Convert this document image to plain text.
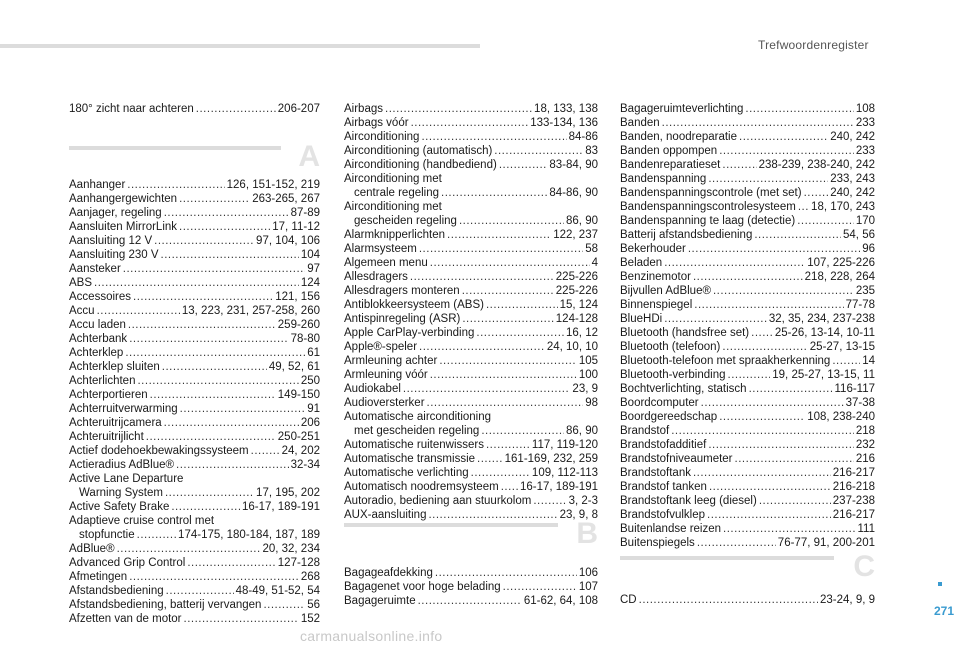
Trefwoordenregister
180° zicht naar achteren .....	206-207
A
Aanhanger .....	126, 151-152, 219
Aanhangergewichten .....	263-265, 267
Aanjager, regeling .....	87-89
Aansluiten MirrorLink .....	17, 11-12
Aansluiting 12 V .....	97, 104, 106
Aansluiting 230 V .....	104
Aansteker .....	97
ABS .....	124
Accessoires .....	121, 156
Accu .....	13, 223, 231, 257-258, 260
Accu laden .....	259-260
Achterbank .....	78-80
Achterklep .....	61
Achterklep sluiten .....	49, 52, 61
Achterlichten .....	250
Achterportieren .....	149-150
Achterruitverwarming .....	91
Achteruitrijcamera .....	206
Achteruitrijlicht .....	250-251
Actief dodehoekbewakingssysteem .....	24, 202
Actieradius AdBlue® .....	32-34
Active Lane Departure
Warning System .....	17, 195, 202
Active Safety Brake .....	16-17, 189-191
Adaptieve cruise control met
stopfunctie .....	174-175, 180-184, 187, 189
AdBlue® .....	20, 32, 234
Advanced Grip Control .....	127-128
Afmetingen .....	268
Afstandsbediening .....	48-49, 51-52, 54
Afstandsbediening, batterij vervangen .....	56
Afzetten van de motor .....	152
Airbags .....	18, 133, 138
Airbags vóór .....	133-134, 136
Airconditioning .....	84-86
Airconditioning (automatisch) .....	83
Airconditioning (handbediend) .....	83-84, 90
Airconditioning met
centrale regeling .....	84-86, 90
Airconditioning met
gescheiden regeling .....	86, 90
Alarmknipperlichten .....	122, 237
Alarmsysteem .....	58
Algemeen menu .....	4
Allesdragers .....	225-226
Allesdragers monteren .....	225-226
Antiblokkeersysteem (ABS) .....	15, 124
Antispinregeling (ASR) .....	124-128
Apple CarPlay-verbinding .....	16, 12
Apple®-speler .....	24, 10, 10
Armleuning achter .....	105
Armleuning vóór .....	100
Audiokabel .....	23, 9
Audioversterker .....	98
Automatische airconditioning
met gescheiden regeling .....	86, 90
Automatische ruitenwissers .....	117, 119-120
Automatische transmissie .....	161-169, 232, 259
Automatische verlichting .....	109, 112-113
Automatisch noodremsysteem ..... 16-17, 189-191
Autoradio, bediening aan stuurkolom .....	3, 2-3
AUX-aansluiting .....	23, 9, 8
B
Bagageafdekking .....	106
Bagagenet voor hoge belading .....	107
Bagageruimte .....	61-62, 64, 108
Bagageruimteverlichting .....	108
Banden .....	233
Banden, noodreparatie .....	240, 242
Banden oppompen .....	233
Bandenreparatieset .....	238-239, 238-240, 242
Bandenspanning .....	233, 243
Bandenspanningscontrole (met set) ..... 240, 242
Bandenspanningscontrolesysteem ..... 18, 170, 243
Bandenspanning te laag (detectie) .....	170
Batterij afstandsbediening .....	54, 56
Bekerhouder .....	96
Beladen .....	107, 225-226
Benzinemotor .....	218, 228, 264
Bijvullen AdBlue® .....	235
Binnenspiegel .....	77-78
BlueHDi .....	32, 35, 234, 237-238
Bluetooth (handsfree set) ..... 25-26, 13-14, 10-11
Bluetooth (telefoon) .....	25-27, 13-15
Bluetooth-telefoon met spraakherkenning .....	14
Bluetooth-verbinding .....	19, 25-27, 13-15, 11
Bochtverlichting, statisch .....	116-117
Boordcomputer .....	37-38
Boordgereedschap .....	108, 238-240
Brandstof .....	218
Brandstofadditief .....	232
Brandstofniveaumeter .....	216
Brandstoftank .....	216-217
Brandstof tanken .....	216-218
Brandstoftank leeg (diesel) .....	237-238
Brandstofvulklep .....	216-217
Buitenlandse reizen .....	111
Buitenspiegels .....	76-77, 91, 200-201
C
CD .....	23-24, 9, 9
271
carmanualsonline.info
